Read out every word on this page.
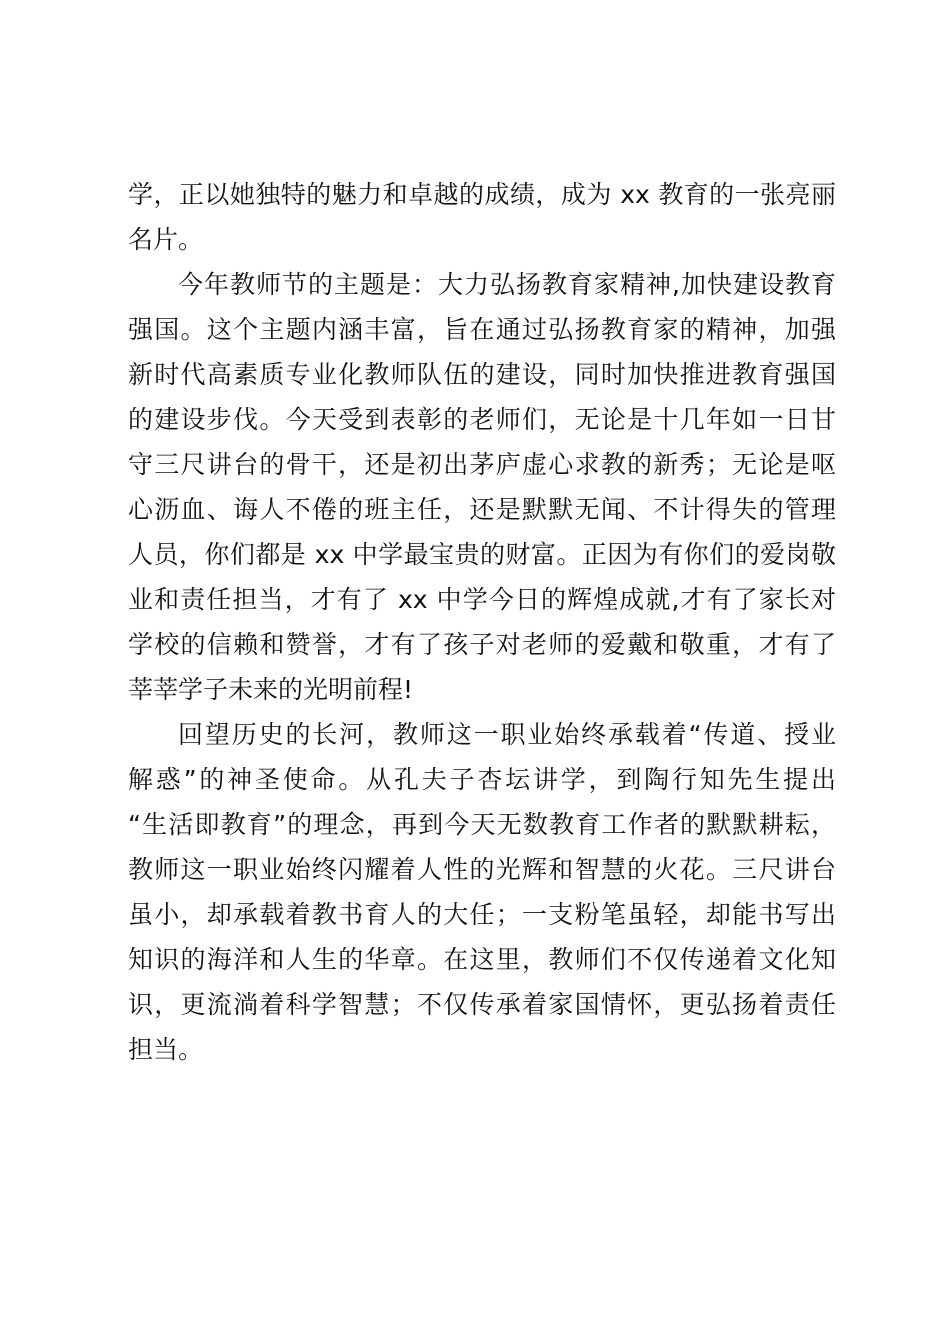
学，正以她独特的魅力和卓越的成绩，成为 xx 教育的一张亮丽
名片。
今年教师节的主题是：大力弘扬教育家精神,加快建设教育
强国。这个主题内涵丰富，旨在通过弘扬教育家的精神，加强
新时代高素质专业化教师队伍的建设，同时加快推进教育强国
的建设步伐。今天受到表彰的老师们，无论是十几年如一日甘
守三尺讲台的骨干，还是初出茅庐虚心求教的新秀；无论是呕
心沥血、诲人不倦的班主任，还是默默无闻、不计得失的管理
人员，你们都是 xx 中学最宝贵的财富。正因为有你们的爱岗敬
业和责任担当，才有了 xx 中学今日的辉煌成就,才有了家长对
学校的信赖和赞誉，才有了孩子对老师的爱戴和敬重，才有了
莘莘学子未来的光明前程!
回望历史的长河，教师这一职业始终承载着“传道、授业
解惑”的神圣使命。从孔夫子杏坛讲学，到陶行知先生提出
“生活即教育”的理念，再到今天无数教育工作者的默默耕耘，
教师这一职业始终闪耀着人性的光辉和智慧的火花。三尺讲台
虽小，却承载着教书育人的大任；一支粉笔虽轻，却能书写出
知识的海洋和人生的华章。在这里，教师们不仅传递着文化知
识，更流淌着科学智慧；不仅传承着家国情怀，更弘扬着责任
担当。
